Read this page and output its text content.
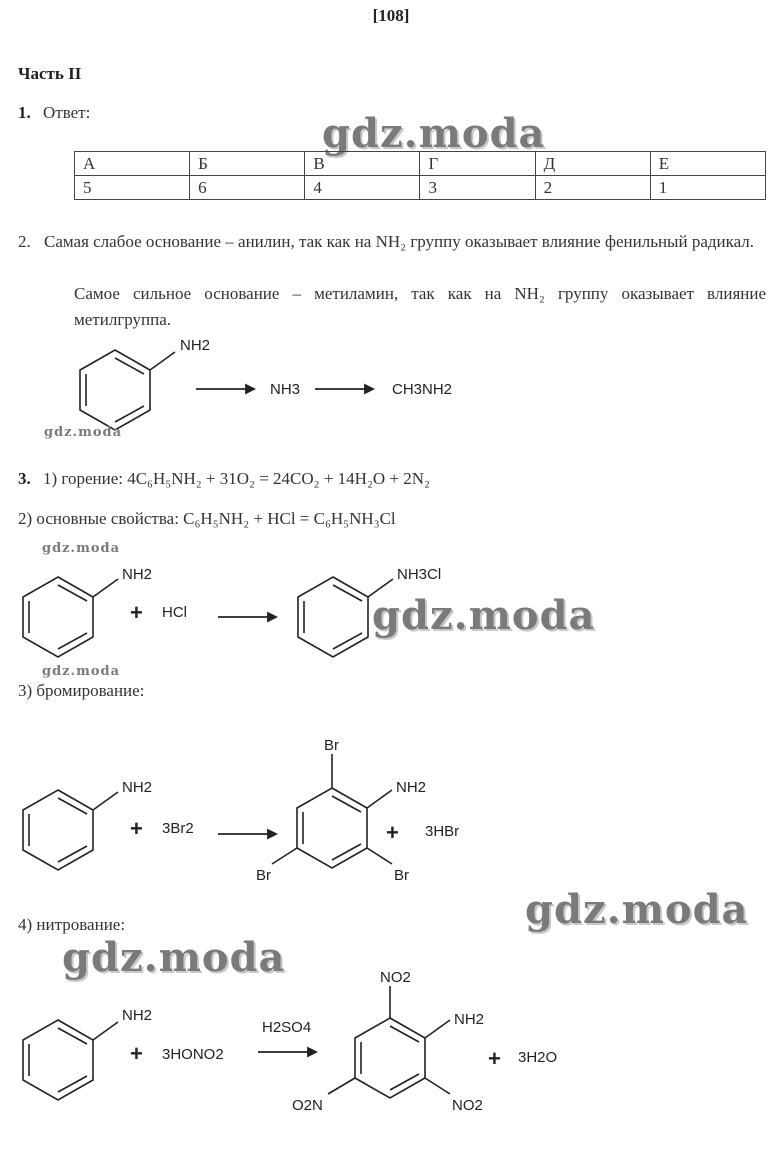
[108]
Часть II
1. Ответ:	gdz.moda
А	Б	В	Г	Д	Е
5	6	4	3	2	1
2. Самая слабое основание – анилин, так как на NH₂ группу оказывает влияние фенильный радикал.
Самое сильное основание – метиламин, так как на NH₂ группу оказывает влияние метилгруппа.
NH2
NH3	CH3NH2
gdz.moda
3. 1) горение: 4C₆H₅NH₂ + 31O₂ = 24CO₂ + 14H₂O + 2N₂
2) основные свойства: C₆H₅NH₂ + HCl = C₆H₅NH₃Cl
gdz.moda
NH2
+ HCl
NH3Cl
gdz.moda
gdz.moda
3) бромирование:
NH2
+ 3Br2
Br
NH2
Br	Br
+ 3HBr
gdz.moda
4) нитрование:
gdz.moda
NH2
+ 3HONO2
H2SO4
NO2
NH2
O2N	NO2
+ 3H2O
